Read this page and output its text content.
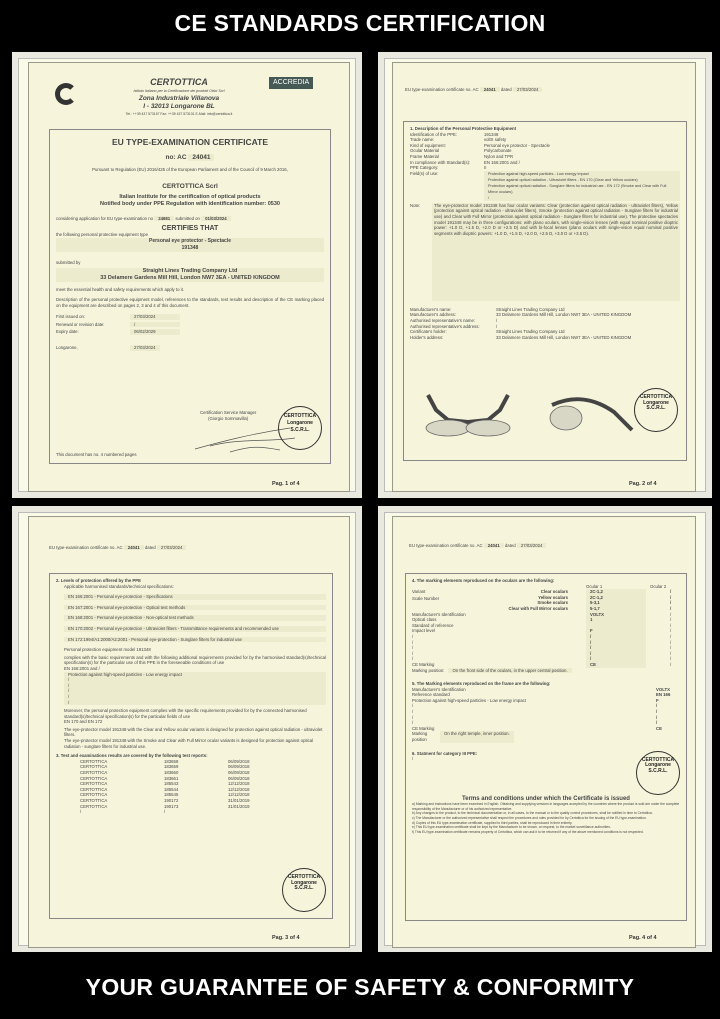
CE STANDARDS CERTIFICATION
CERTOTTICA
Istituto Italiano per la Certificazione dei prodotti Ottici Scrl
Zona Industriale Villanova
I - 32013 Longarone BL
Tel.: ++39 437 573157 Fax: ++39 437 573131 E-Mail: info@certottica.it
ACCREDIA
EU TYPE-EXAMINATION CERTIFICATE
no: AC 24041
Pursuant to Regulation (EU) 2016/425 of the European Parliament and of the Council of 9 March 2016,
CERTOTTICA Scrl
Italian Institute for the certification of optical products
Notified body under PPE Regulation with identification number: 0530
considering application for EU type-examination no 24681 submitted on 01/03/2024
CERTIFIES THAT
the following personal protective equipment type
Personal eye protector - Spectacle
191348
submitted by
Straight Lines Trading Company Ltd
33 Delamere Gardens Mill Hill, London NW7 3EA - UNITED KINGDOM
meet the essential health and safety requirements which apply to it.
Description of the personal protective equipment model, references to the standards, test results and description of the CE marking placed on the equipment are described on pages 2, 3 and 4 of this document.
First issued on:	27/03/2024
Renewal or revision date:	/
Expiry date:	06/02/2029
Longarone,	27/03/2024
Certification Service Manager
(Giorgio Sommavilla)	CERTOTTICA
Longarone
S.C.R.L.
This document has no. 4 numbered pages
Pag. 1 of 4
EU type-examination certificate no. AC 24041 dated 27/03/2024
1. Description of the Personal Protective Equipment
Identification of the PPE:	191348
Trade name:	voltX safety
Kind of equipment:	Personal eye protector - Spectacle
Ocular Material	Polycarbonate
Frame Material	Nylon and TPR
In compliance with Standard(s):	EN 166:2001 and /
PPE Category:	II
Field(s) of use:	Protection against high-speed particles - Low energy impact
Protection against optical radiation - Ultraviolet filters - EN 170 (Clear and Yellow oculars)
Protection against optical radiation - Sunglare filters for industrial use - EN 172 (Smoke and Clear with Full Mirror oculars)
/
Note:	The eye-protector model 191348 has four ocular variants: Clear (protection against optical radiation - ultraviolet filters), Yellow (protection against optical radiation - ultraviolet filters), Smoke (protection against optical radiation - Sunglare filters for industrial use) and Clear with Full Mirror (protection against optical radiation - Sunglare filters for industrial use). The protective spectacles model 191348 may be in three configurations: with plano oculars, with single-vision lenses (with equal nominal positive dioptric power: +1.0 D, +1.5 D, +2.0 D or +2.5 D) and with bi-focal lenses (plano oculars with single-vision equal nominal positive segments with dioptric powers: +1.0 D, +1.5 D, +2.0 D, +2.5 D, +3.0 D or +3.5 D).
Manufacturer's name:	Straight Lines Trading Company Ltd
Manufacturer's address:	33 Delamere Gardens Mill Hill, London NW7 3EA - UNITED KINGDOM
Authorised representative's name:	/
Authorised representative's address:	/
Certificate's holder:	Straight Lines Trading Company Ltd
Holder's address:	33 Delamere Gardens Mill Hill, London NW7 3EA - UNITED KINGDOM
CERTOTTICA
Longarone
S.C.R.L.
Pag. 2 of 4
EU type-examination certificate no. AC 24041 dated 27/03/2024
2. Levels of protection offered by the PPE
Applicable harmonised standards/technical specifications:
EN 166:2001 - Personal eye-protection - Specifications
EN 167:2001 - Personal eye-protection - Optical test methods
EN 168:2001 - Personal eye-protection - Non-optical test methods
EN 170:2002 - Personal eye-protection - Ultraviolet filters - Transmittance requirements and recommended use
EN 172:1994/A1:2000/A2:2001 - Personal eye-protection - Sunglare filters for industrial use
Personal protection equipment model 191348
complies with the basic requirements and with the following additional requirements provided for by the harmonised standard(s)/technical specification(s) for the particular use of this PPE in the foreseeable conditions of use
EN 166:2001 and /
Protection against high-speed particles - Low energy impact
/
/
/
/
/
Moreover, the personal protection equipment complies with the specific requirements provided for by the connected harmonised standard(s)/technical specification(s) for the particular fields of use
EN 170 and EN 172
The eye-protector model 191348 with the Clear and Yellow ocular variants is designed for protection against optical radiation - ultraviolet filters.
The eye-protector model 191348 with the Smoke and Clear with Full Mirror ocular variants is designed for protection against optical radiation - sunglare filters for industrial use.
3. Test and examinations results are covered by the following test reports:
CERTOTTICA	183658	06/09/2018
CERTOTTICA	183659	06/09/2018
CERTOTTICA	183660	06/09/2018
CERTOTTICA	183661	06/09/2018
CERTOTTICA	185543	12/12/2018
CERTOTTICA	185544	12/12/2018
CERTOTTICA	185545	12/12/2018
CERTOTTICA	190172	31/01/2019
CERTOTTICA	190173	31/01/2019
/	/
CERTOTTICA
Longarone
S.C.R.L.
Pag. 3 of 4
EU type-examination certificate no. AC 24041 dated 27/03/2024
4. The marking elements reproduced on the oculars are the following:
Ocular 1	Ocular 2
Variant
Scale Number
Clear oculars	2C-1,2	/
Yellow oculars	2C-1,2	/
Smoke oculars	5-3,1	/
Clear with Full Mirror oculars	5-1,7	/
Manufacturer's Identification	VOLTX	/
Optical class	1	/
Standard of reference	/
Impact level	F	/
/	/	/
/	/	/
/	/	/
/	/	/
/	/	/
CE Marking	CE	/
Marking position:	On the front side of the oculars, in the upper central position.
5. The Marking elements reproduced on the frame are the following:
Manufacturer's Identification	VOLTX
Reference standard	EN 166
Protection against high-speed particles - Low energy impact	F
/	/
/	/
/	/
/	/
CE Marking	CE
Marking position
On the right temple, inner position.
6. Statment for category III PPE:
/	CERTOTTICA
Longarone
S.C.R.L.
Terms and conditions under which the Certificate is issued
a) Marking and instructions have been examined in English. Obtaining and supplying versions in languages accepted by the countries where the product is sold are under the complete responsibility of the Manufacturer or of his authorized representative.
b) Any changes to the product, to the technical documentation or, in all cases, to the manual or to the quality control procedures, shall be notified in time to Certottica.
c) The Manufacturer or the authorized representative shall respect the procedures and rules provided for by Certottica for the issuing of the EU type-examination.
d) Copies of this EU type-examination certificate, supplied to third parties, shall be reproduced in their entirety.
e) This EU type-examination certificate shall be kept by the Manufacturer to be shown, on request, to the market surveillance authorities.
f) This EU type-examination certificate remains property of Certottica, which can ask it to be returned if any of the above mentioned conditions is not respected.
Pag. 4 of 4
YOUR GUARANTEE OF SAFETY & CONFORMITY
